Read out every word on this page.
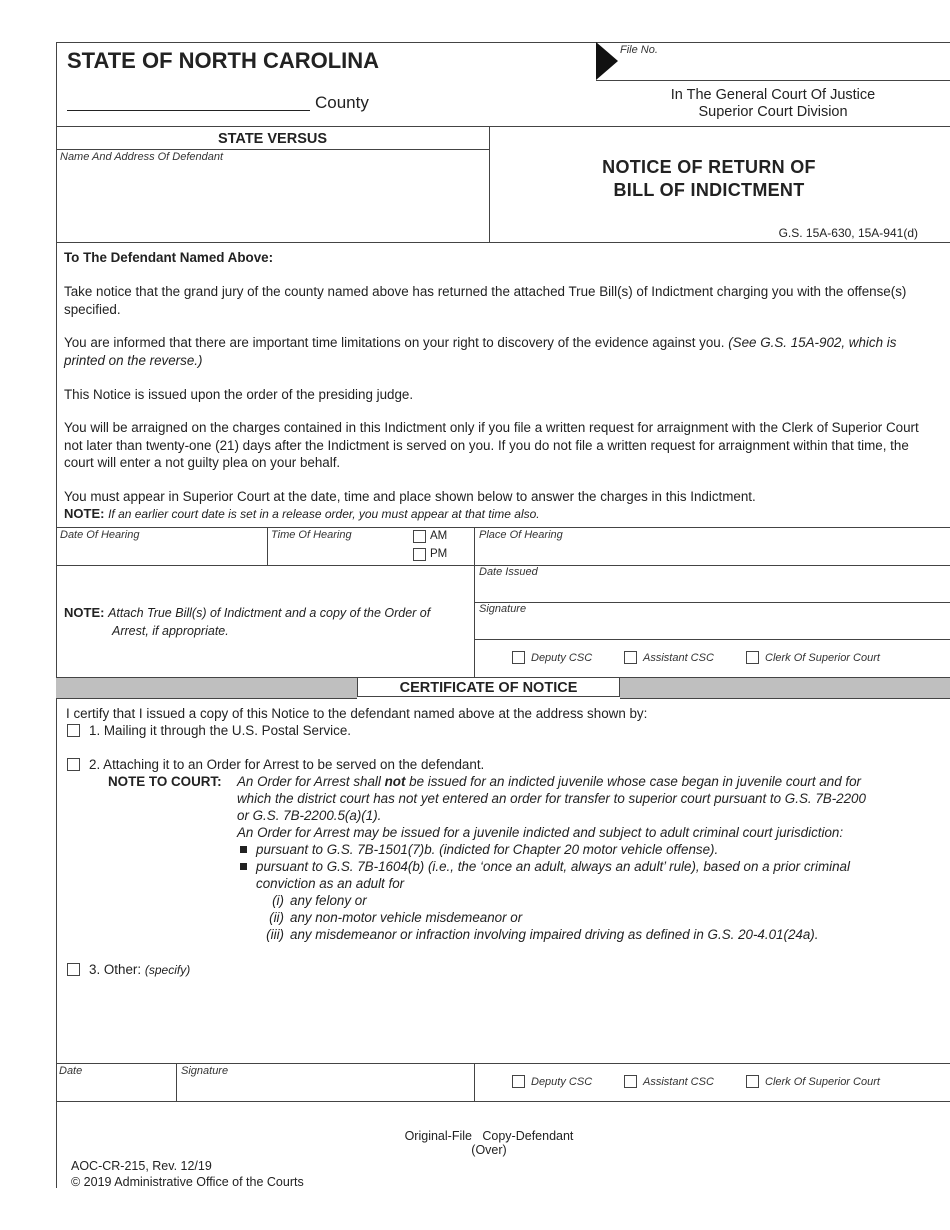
STATE OF NORTH CAROLINA
County
File No.
In The General Court Of Justice
Superior Court Division
STATE VERSUS
Name And Address Of Defendant	NOTICE OF RETURN OF
BILL OF INDICTMENT
G.S. 15A-630, 15A-941(d)
To The Defendant Named Above:
Take notice that the grand jury of the county named above has returned the attached True Bill(s) of Indictment charging you with the offense(s) specified.
You are informed that there are important time limitations on your right to discovery of the evidence against you. (See G.S. 15A-902, which is printed on the reverse.)
This Notice is issued upon the order of the presiding judge.
You will be arraigned on the charges contained in this Indictment only if you file a written request for arraignment with the Clerk of Superior Court not later than twenty-one (21) days after the Indictment is served on you. If you do not file a written request for arraignment within that time, the court will enter a not guilty plea on your behalf.
You must appear in Superior Court at the date, time and place shown below to answer the charges in this Indictment.
NOTE: If an earlier court date is set in a release order, you must appear at that time also.
Date Of Hearing	Time Of Hearing	AM
PM
Place Of Hearing
Date Issued
Signature
NOTE: Attach True Bill(s) of Indictment and a copy of the Order of
Arrest, if appropriate.
Deputy CSC	Assistant CSC	Clerk Of Superior Court
CERTIFICATE OF NOTICE
I certify that I issued a copy of this Notice to the defendant named above at the address shown by:
1. Mailing it through the U.S. Postal Service.
2. Attaching it to an Order for Arrest to be served on the defendant.
NOTE TO COURT: An Order for Arrest shall not be issued for an indicted juvenile whose case began in juvenile court and for
which the district court has not yet entered an order for transfer to superior court pursuant to G.S. 7B-2200
or G.S. 7B-2200.5(a)(1).
An Order for Arrest may be issued for a juvenile indicted and subject to adult criminal court jurisdiction:
pursuant to G.S. 7B-1501(7)b. (indicted for Chapter 20 motor vehicle offense).
pursuant to G.S. 7B-1604(b) (i.e., the ‘once an adult, always an adult’ rule), based on a prior criminal
conviction as an adult for
(i) any felony or
(ii) any non-motor vehicle misdemeanor or
(iii) any misdemeanor or infraction involving impaired driving as defined in G.S. 20-4.01(24a).
3. Other: (specify)
Date	Signature
Deputy CSC	Assistant CSC	Clerk Of Superior Court
Original-File   Copy-Defendant
(Over)
AOC-CR-215, Rev. 12/19
© 2019 Administrative Office of the Courts
